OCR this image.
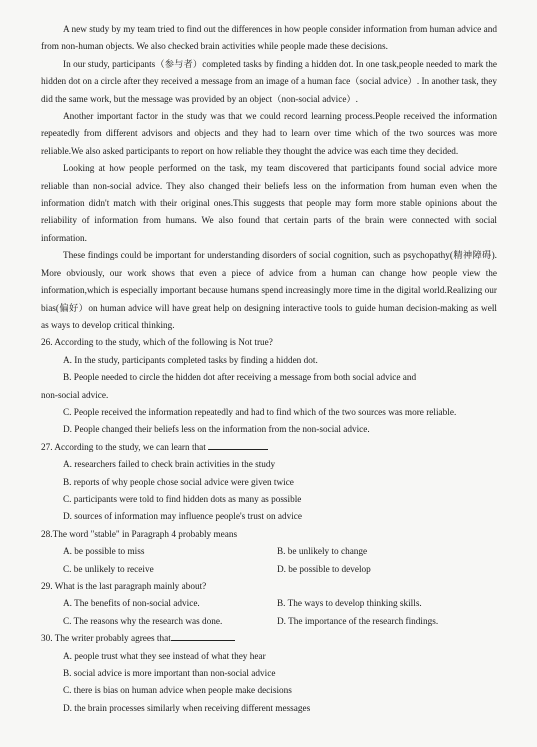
A new study by my team tried to find out the differences in how people consider information from human advice and from non-human objects. We also checked brain activities while people made these decisions.

In our study, participants（参与者）completed tasks by finding a hidden dot. In one task,people needed to mark the hidden dot on a circle after they received a message from an image of a human face（social advice）. In another task, they did the same work, but the message was provided by an object（non-social advice）.

Another important factor in the study was that we could record learning process.People received the information repeatedly from different advisors and objects and they had to learn over time which of the two sources was more reliable.We also asked participants to report on how reliable they thought the advice was each time they decided.

Looking at how people performed on the task, my team discovered that participants found social advice more reliable than non-social advice. They also changed their beliefs less on the information from human even when the information didn't match with their original ones.This suggests that people may form more stable opinions about the reliability of information from humans. We also found that certain parts of the brain were connected with social information.

These findings could be important for understanding disorders of social cognition, such as psychopathy(精神障碍). More obviously, our work shows that even a piece of advice from a human can change how people view the information,which is especially important because humans spend increasingly more time in the digital world.Realizing our bias(偏好）on human advice will have great help on designing interactive tools to guide human decision-making as well as ways to develop critical thinking.

26. According to the study, which of the following is Not true?

A. In the study, participants completed tasks by finding a hidden dot.

B. People needed to circle the hidden dot after receiving a message from both social advice and

non-social advice.

C. People received the information repeatedly and had to find which of the two sources was more reliable.

D. People changed their beliefs less on the information from the non-social advice.

27. According to the study, we can learn that

A. researchers failed to check brain activities in the study

B. reports of why people chose social advice were given twice

C. participants were told to find hidden dots as many as possible

D. sources of information may influence people's trust on advice

28.The word "stable" in Paragraph 4 probably means

A. be possible to miss	B. be unlikely to change
C. be unlikely to receive	D. be possible to develop

29. What is the last paragraph mainly about?

A. The benefits of non-social advice.	B. The ways to develop thinking skills.
C. The reasons why the research was done.	D. The importance of the research findings.

30. The writer probably agrees that

A. people trust what they see instead of what they hear

B. social advice is more important than non-social advice

C. there is bias on human advice when people make decisions

D. the brain processes similarly when receiving different messages
